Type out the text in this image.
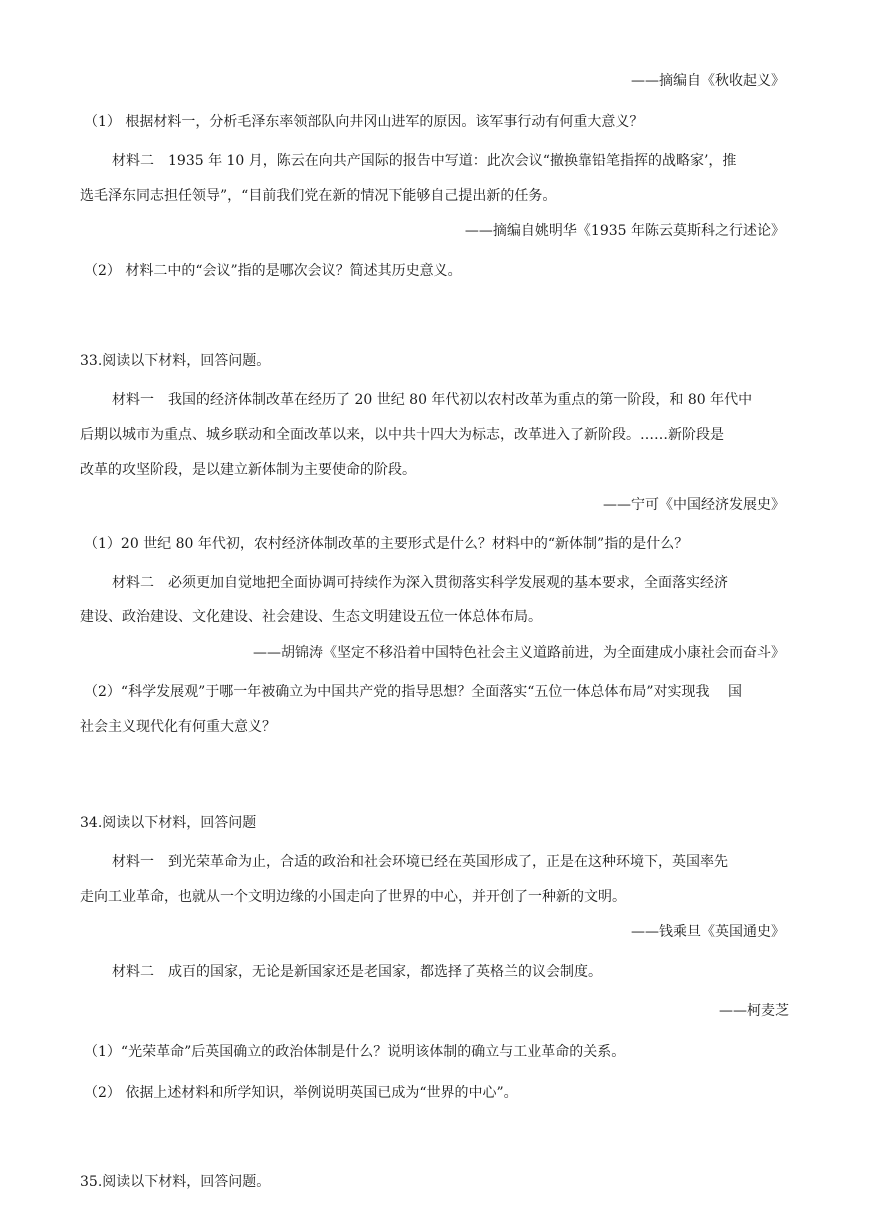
——摘编自《秋收起义》
（1） 根据材料一，分析毛泽东率领部队向井冈山进军的原因。该军事行动有何重大意义？
材料二　1935 年 10 月，陈云在向共产国际的报告中写道：此次会议“撤换靠铅笔指挥的战略家’，推
选毛泽东同志担任领导”，“目前我们党在新的情况下能够自己提出新的任务。
——摘编自姚明华《1935 年陈云莫斯科之行述论》
（2） 材料二中的“会议”指的是哪次会议？简述其历史意义。
33.阅读以下材料，回答问题。
材料一　我国的经济体制改革在经历了 20 世纪 80 年代初以农村改革为重点的第一阶段，和 80 年代中
后期以城市为重点、城乡联动和全面改革以来，以中共十四大为标志，改革进入了新阶段。……新阶段是
改革的攻坚阶段，是以建立新体制为主要使命的阶段。
——宁可《中国经济发展史》
（1）20 世纪 80 年代初，农村经济体制改革的主要形式是什么？材料中的“新体制”指的是什么？
材料二　必须更加自觉地把全面协调可持续作为深入贯彻落实科学发展观的基本要求，全面落实经济
建设、政治建设、文化建设、社会建设、生态文明建设五位一体总体布局。
——胡锦涛《坚定不移沿着中国特色社会主义道路前进，为全面建成小康社会而奋斗》
（2）“科学发展观”于哪一年被确立为中国共产党的指导思想？全面落实“五位一体总体布局”对实现我　 国
社会主义现代化有何重大意义？
34.阅读以下材料，回答问题
材料一　到光荣革命为止，合适的政治和社会环境已经在英国形成了，正是在这种环境下，英国率先
走向工业革命，也就从一个文明边缘的小国走向了世界的中心，并开创了一种新的文明。
——钱乘旦《英国通史》
材料二　成百的国家，无论是新国家还是老国家，都选择了英格兰的议会制度。
——柯麦芝
（1）“光荣革命”后英国确立的政治体制是什么？说明该体制的确立与工业革命的关系。
（2） 依据上述材料和所学知识，举例说明英国已成为“世界的中心”。
35.阅读以下材料，回答问题。
